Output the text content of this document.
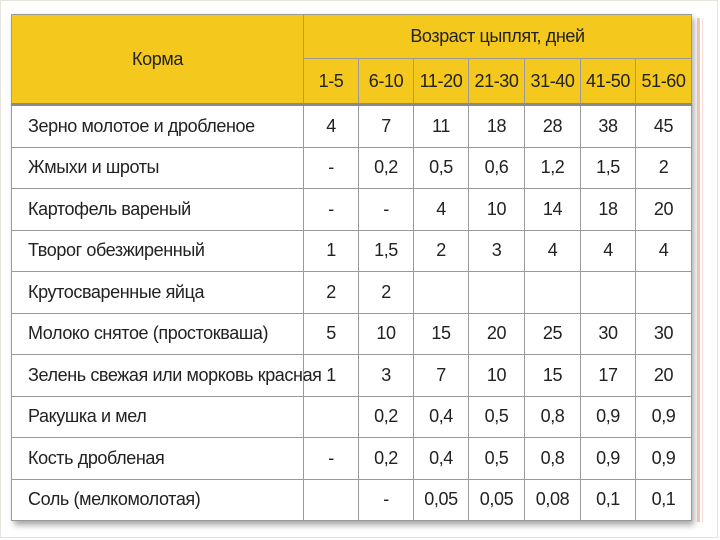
Корма	Возраст цыплят, дней						
	1-5	6-10	11-20	21-30	31-40	41-50	51-60
Зерно молотое и дробленое	4	7	11	18	28	38	45
Жмыхи и шроты	-	0,2	0,5	0,6	1,2	1,5	2
Картофель вареный	-	-	4	10	14	18	20
Творог обезжиренный	1	1,5	2	3	4	4	4
Крутосваренные яйца	2	2					
Молоко снятое (простокваша)	5	10	15	20	25	30	30
Зелень свежая или морковь красная	1	3	7	10	15	17	20
Ракушка и мел		0,2	0,4	0,5	0,8	0,9	0,9
Кость дробленая	-	0,2	0,4	0,5	0,8	0,9	0,9
Соль (мелкомолотая)		-	0,05	0,05	0,08	0,1	0,1
